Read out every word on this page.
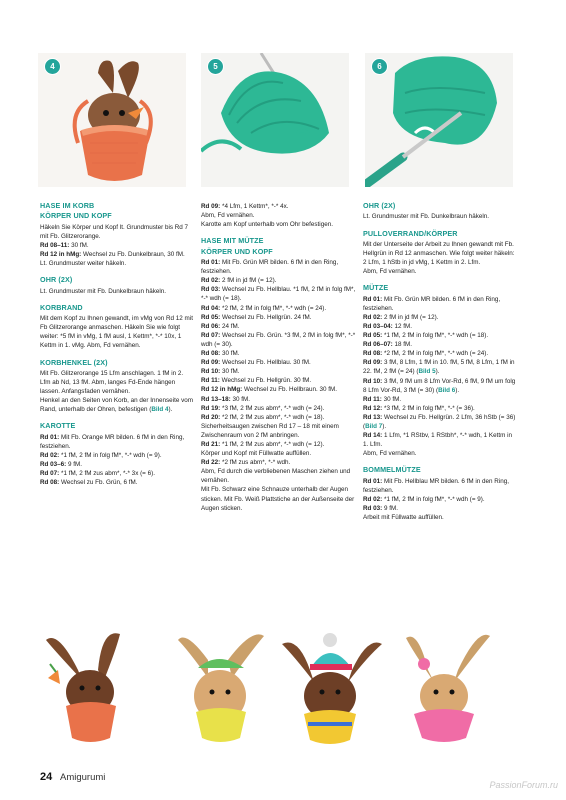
4	5	6
HASE IM KORB
KÖRPER UND KOPF

Häkeln Sie Körper und Kopf lt. Grundmuster bis Rd 7 mit Fb. Glitzerorange.

Rd 08–11: 30 fM.

Rd 12 in hMg: Wechsel zu Fb. Dunkelbraun, 30 fM.

Lt. Grundmuster weiter häkeln.

OHR (2X)

Lt. Grundmuster mit Fb. Dunkelbraun häkeln.

KORBRAND

Mit dem Kopf zu Ihnen gewandt, im vMg von Rd 12 mit Fb Glitzerorange anmaschen. Häkeln Sie wie folgt weiter: *5 fM in vMg, 1 fM ausl, 1 Kettm*, *-* 10x, 1 Kettm in 1. vMg. Abm, Fd vernähen.

KORBHENKEL (2X)

Mit Fb. Glitzerorange 15 Lfm anschlagen. 1 fM in 2. Lfm ab Nd, 13 fM. Abm, langes Fd-Ende hängen lassen. Anfangsfaden vernähen.

Henkel an den Seiten von Korb, an der Innenseite vom Rand, unterhalb der Ohren, befestigen (Bild 4).

KAROTTE

Rd 01: Mit Fb. Orange MR bilden. 6 fM in den Ring, festziehen.

Rd 02: *1 fM, 2 fM in folg fM*, *-* wdh (= 9).

Rd 03–6: 9 fM.

Rd 07: *1 fM, 2 fM zus abm*, *-* 3x (= 6).

Rd 08: Wechsel zu Fb. Grün, 6 fM.

Rd 09: *4 Lfm, 1 Kettm*, *-* 4x.

Abm, Fd vernähen.

Karotte am Kopf unterhalb vom Ohr befestigen.

HASE MIT MÜTZE
KÖRPER UND KOPF

Rd 01: Mit Fb. Grün MR bilden. 6 fM in den Ring, festziehen.

Rd 02: 2 fM in jd fM (= 12).

Rd 03: Wechsel zu Fb. Hellblau. *1 fM, 2 fM in folg fM*, *-* wdh (= 18).

Rd 04: *2 fM, 2 fM in folg fM*, *-* wdh (= 24).

Rd 05: Wechsel zu Fb. Hellgrün. 24 fM.

Rd 06: 24 fM.

Rd 07: Wechsel zu Fb. Grün. *3 fM, 2 fM in folg fM*, *-* wdh (= 30).

Rd 08: 30 fM.

Rd 09: Wechsel zu Fb. Hellblau. 30 fM.

Rd 10: 30 fM.

Rd 11: Wechsel zu Fb. Hellgrün. 30 fM.

Rd 12 in hMg: Wechsel zu Fb. Hellbraun. 30 fM.

Rd 13–18: 30 fM.

Rd 19: *3 fM, 2 fM zus abm*, *-* wdh (= 24).

Rd 20: *2 fM, 2 fM zus abm*, *-* wdh (= 18).

Sicherheitsaugen zwischen Rd 17 – 18 mit einem Zwischenraum von 2 fM anbringen.

Rd 21: *1 fM, 2 fM zus abm*, *-* wdh (= 12).

Körper und Kopf mit Füllwatte auffüllen.

Rd 22: *2 fM zus abm*, *-* wdh.

Abm, Fd durch die verbliebenen Maschen ziehen und vernähen.

Mit Fb. Schwarz eine Schnauze unterhalb der Augen sticken. Mit Fb. Weiß Plattstiche an der Außenseite der Augen sticken.

OHR (2X)

Lt. Grundmuster mit Fb. Dunkelbraun häkeln.

PULLOVERRAND/KÖRPER

Mit der Unterseite der Arbeit zu Ihnen gewandt mit Fb. Hellgrün in Rd 12 anmaschen. Wie folgt weiter häkeln: 2 Lfm, 1 hStb in jd vMg, 1 Kettm in 2. Lfm.

Abm, Fd vernähen.

MÜTZE

Rd 01: Mit Fb. Grün MR bilden. 6 fM in den Ring, festziehen.

Rd 02: 2 fM in jd fM (= 12).

Rd 03–04: 12 fM.

Rd 05: *1 fM, 2 fM in folg fM*, *-* wdh (= 18).

Rd 06–07: 18 fM.

Rd 08: *2 fM, 2 fM in folg fM*, *-* wdh (= 24).

Rd 09: 3 fM, 8 Lfm, 1 fM in 10. fM, 5 fM, 8 Lfm, 1 fM in 22. fM, 2 fM (= 24) (Bild 5).

Rd 10: 3 fM, 9 fM um 8 Lfm Vor-Rd, 6 fM, 9 fM um folg 8 Lfm Vor-Rd, 3 fM (= 30) (Bild 6).

Rd 11: 30 fM.

Rd 12: *3 fM, 2 fM in folg fM*, *-* (= 36).

Rd 13: Wechsel zu Fb. Hellgrün. 2 Lfm, 36 hStb (= 36) (Bild 7).

Rd 14: 1 Lfm, *1 RStbv, 1 RStbh*, *-* wdh, 1 Kettm in 1. Lfm.

Abm, Fd vernähen.

BOMMELMÜTZE

Rd 01: Mit Fb. Hellblau MR bilden. 6 fM in den Ring, festziehen.

Rd 02: *1 fM, 2 fM in folg fM*, *-* wdh (= 9).

Rd 03: 9 fM.

Arbeit mit Füllwatte auffüllen.

24 Amigurumi
PassionForum.ru
